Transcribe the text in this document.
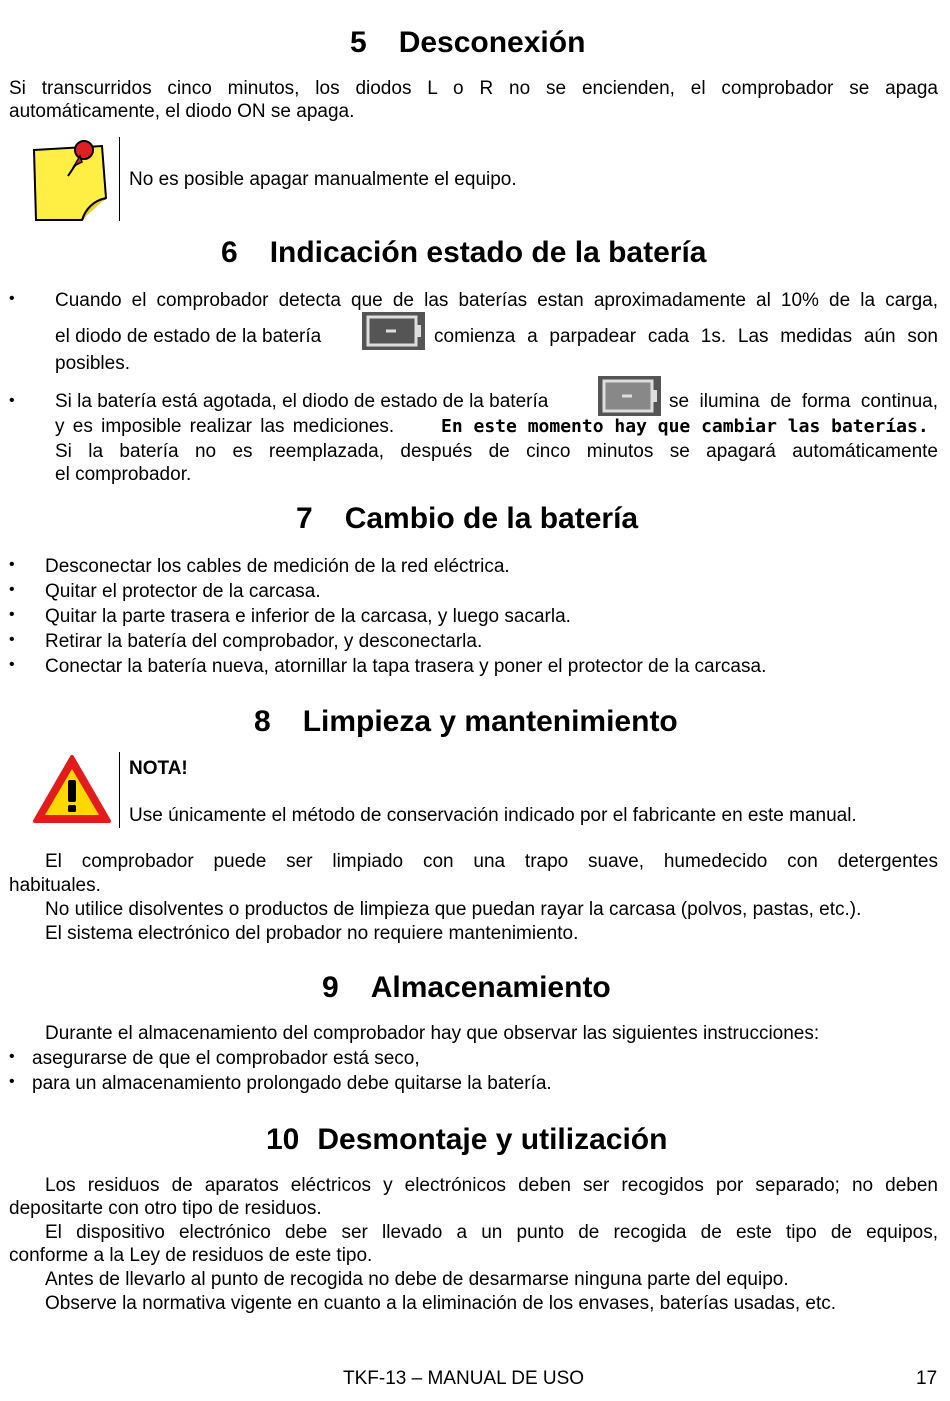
5 Desconexión
Si transcurridos cinco minutos, los diodos L o R no se encienden, el comprobador se apaga
automáticamente, el diodo ON se apaga.
No es posible apagar manualmente el equipo.
6 Indicación estado de la batería
• Cuando el comprobador detecta que de las baterías estan aproximadamente al 10% de la carga,
el diodo de estado de la batería	comienza a parpadear cada 1s. Las medidas aún son
posibles.
• Si la batería está agotada, el diodo de estado de la batería	se ilumina de forma continua,
y es imposible realizar las mediciones.	En este momento hay que cambiar las baterías.
Si la batería no es reemplazada, después de cinco minutos se apagará automáticamente
el comprobador.
7 Cambio de la batería
• Desconectar los cables de medición de la red eléctrica.
• Quitar el protector de la carcasa.
• Quitar la parte trasera e inferior de la carcasa, y luego sacarla.
• Retirar la batería del comprobador, y desconectarla.
• Conectar la batería nueva, atornillar la tapa trasera y poner el protector de la carcasa.
8 Limpieza y mantenimiento
NOTA!
Use únicamente el método de conservación indicado por el fabricante en este manual.
El comprobador puede ser limpiado con una trapo suave, humedecido con detergentes
habituales.
No utilice disolventes o productos de limpieza que puedan rayar la carcasa (polvos, pastas, etc.).
El sistema electrónico del probador no requiere mantenimiento.
9 Almacenamiento
Durante el almacenamiento del comprobador hay que observar las siguientes instrucciones:
• asegurarse de que el comprobador está seco,
• para un almacenamiento prolongado debe quitarse la batería.
10 Desmontaje y utilización
Los residuos de aparatos eléctricos y electrónicos deben ser recogidos por separado; no deben
depositarte con otro tipo de residuos.
El dispositivo electrónico debe ser llevado a un punto de recogida de este tipo de equipos,
conforme a la Ley de residuos de este tipo.
Antes de llevarlo al punto de recogida no debe de desarmarse ninguna parte del equipo.
Observe la normativa vigente en cuanto a la eliminación de los envases, baterías usadas, etc.
TKF-13 – MANUAL DE USO	17
